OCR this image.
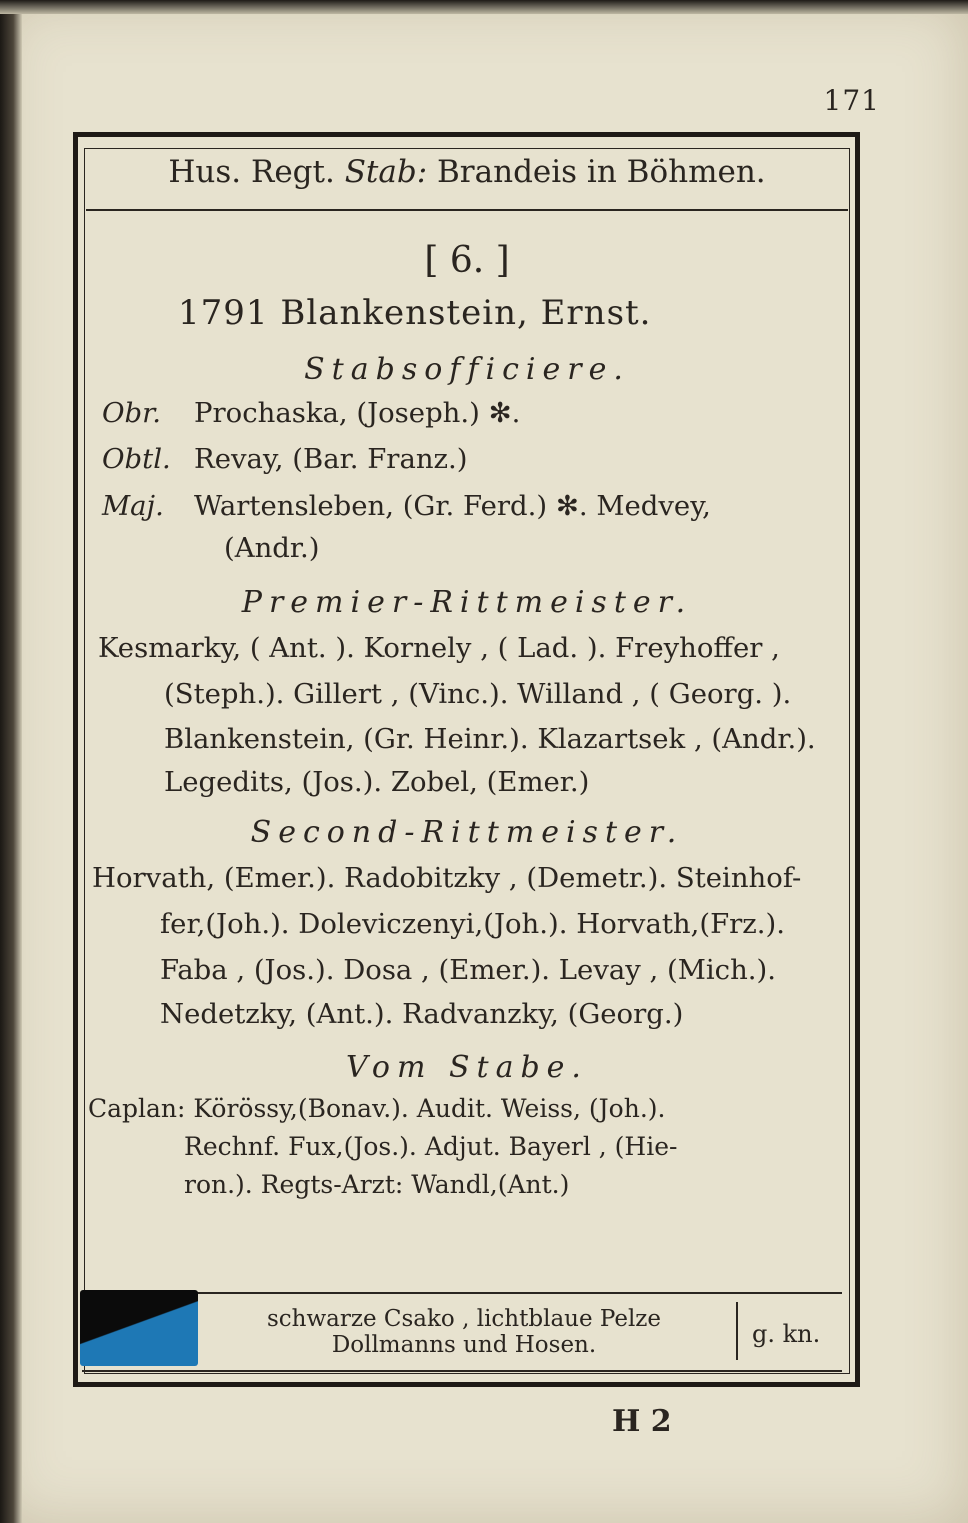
171
Hus. Regt. Stab: Brandeis in Böhmen.
[ 6. ]
1791 Blankenstein, Ernst.
Stabsofficiere.
Obr. Prochaska, (Joseph.) ✻.
Obtl. Revay, (Bar. Franz.)
Maj. Wartensleben, (Gr. Ferd.) ✻. Medvey,
(Andr.)
Premier-Rittmeister.
Kesmarky, ( Ant. ). Kornely , ( Lad. ). Freyhoffer ,
(Steph.). Gillert , (Vinc.). Willand , ( Georg. ).
Blankenstein, (Gr. Heinr.). Klazartsek , (Andr.).
Legedits, (Jos.). Zobel, (Emer.)
Second-Rittmeister.
Horvath, (Emer.). Radobitzky , (Demetr.). Steinhof-
fer,(Joh.). Doleviczenyi,(Joh.). Horvath,(Frz.).
Faba , (Jos.). Dosa , (Emer.). Levay , (Mich.).
Nedetzky, (Ant.). Radvanzky, (Georg.)
Vom Stabe.
Caplan: Körössy,(Bonav.). Audit. Weiss, (Joh.).
Rechnf. Fux,(Jos.). Adjut. Bayerl , (Hie-
ron.). Regts-Arzt: Wandl,(Ant.)
schwarze Csako , lichtblaue Pelze
Dollmanns und Hosen.	g. kn.
H 2
